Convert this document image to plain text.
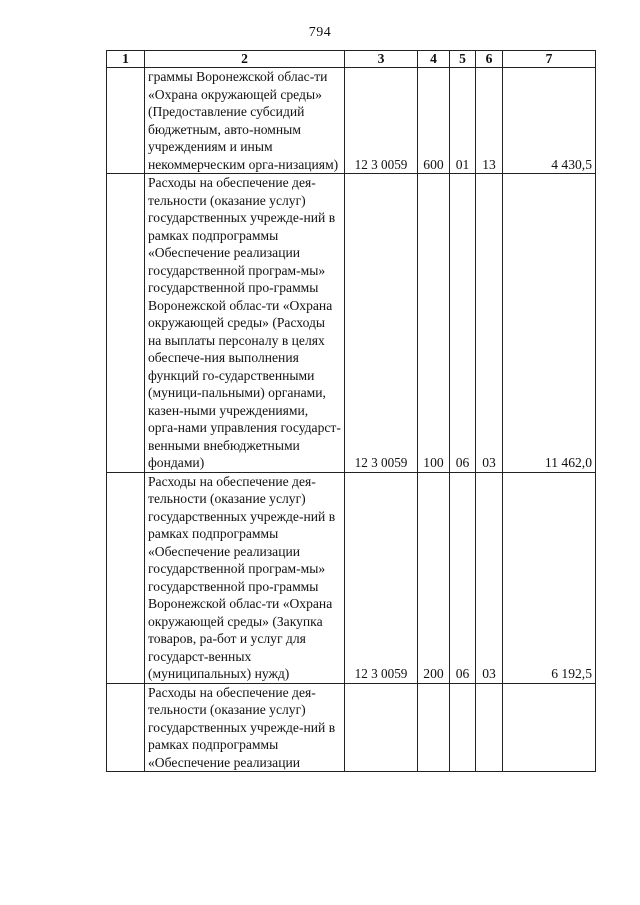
794
1	2	3	4	5	6	7
	граммы Воронежской облас-ти «Охрана окружающей среды» (Предоставление субсидий бюджетным, авто-номным учреждениям и иным некоммерческим орга-низациям)	12 3 0059	600	01	13	4 430,5
	Расходы на обеспечение дея-тельности (оказание услуг) государственных учрежде-ний в рамках подпрограммы «Обеспечение реализации государственной програм-мы» государственной про-граммы Воронежской облас-ти «Охрана окружающей среды» (Расходы на выплаты персоналу в целях обеспече-ния выполнения функций го-сударственными (муници-пальными) органами, казен-ными учреждениями, орга-нами управления государст-венными внебюджетными фондами)	12 3 0059	100	06	03	11 462,0
	Расходы на обеспечение дея-тельности (оказание услуг) государственных учрежде-ний в рамках подпрограммы «Обеспечение реализации государственной програм-мы» государственной про-граммы Воронежской облас-ти «Охрана окружающей среды» (Закупка товаров, ра-бот и услуг для государст-венных (муниципальных) нужд)	12 3 0059	200	06	03	6 192,5
	Расходы на обеспечение дея-тельности (оказание услуг) государственных учрежде-ний в рамках подпрограммы «Обеспечение реализации					
